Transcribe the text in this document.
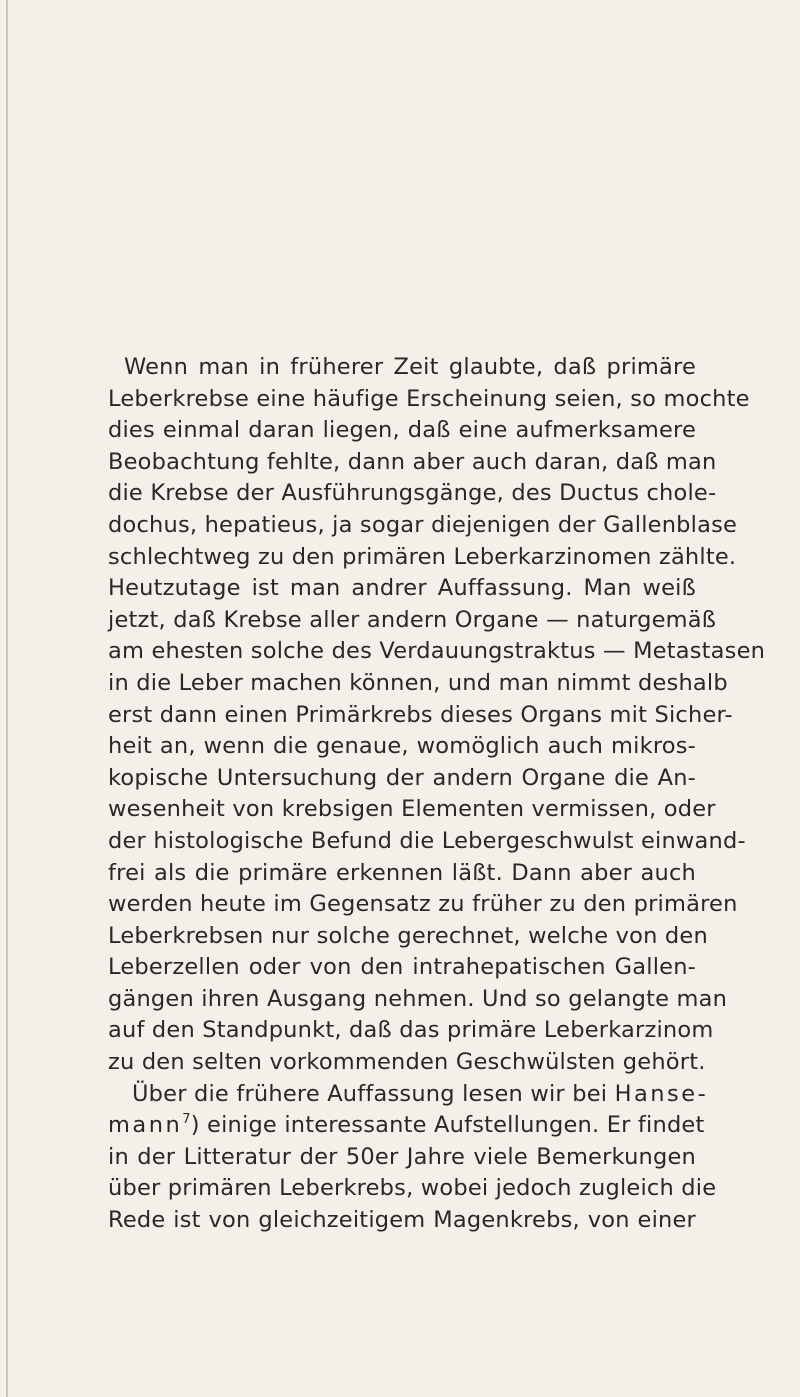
Wenn man in früherer Zeit glaubte, daß primäre
Leberkrebse eine häufige Erscheinung seien, so mochte
dies einmal daran liegen, daß eine aufmerksamere
Beobachtung fehlte, dann aber auch daran, daß man
die Krebse der Ausführungsgänge, des Ductus chole-
dochus, hepatieus, ja sogar diejenigen der Gallenblase
schlechtweg zu den primären Leberkarzinomen zählte.
Heutzutage ist man andrer Auffassung. Man weiß
jetzt, daß Krebse aller andern Organe — naturgemäß
am ehesten solche des Verdauungstraktus — Metastasen
in die Leber machen können, und man nimmt deshalb
erst dann einen Primärkrebs dieses Organs mit Sicher-
heit an, wenn die genaue, womöglich auch mikros-
kopische Untersuchung der andern Organe die An-
wesenheit von krebsigen Elementen vermissen, oder
der histologische Befund die Lebergeschwulst einwand-
frei als die primäre erkennen läßt. Dann aber auch
werden heute im Gegensatz zu früher zu den primären
Leberkrebsen nur solche gerechnet, welche von den
Leberzellen oder von den intrahepatischen Gallen-
gängen ihren Ausgang nehmen. Und so gelangte man
auf den Standpunkt, daß das primäre Leberkarzinom
zu den selten vorkommenden Geschwülsten gehört.
Über die frühere Auffassung lesen wir bei Hanse-
mann$^7$) einige interessante Aufstellungen. Er findet
in der Litteratur der 50er Jahre viele Bemerkungen
über primären Leberkrebs, wobei jedoch zugleich die
Rede ist von gleichzeitigem Magenkrebs, von einer
